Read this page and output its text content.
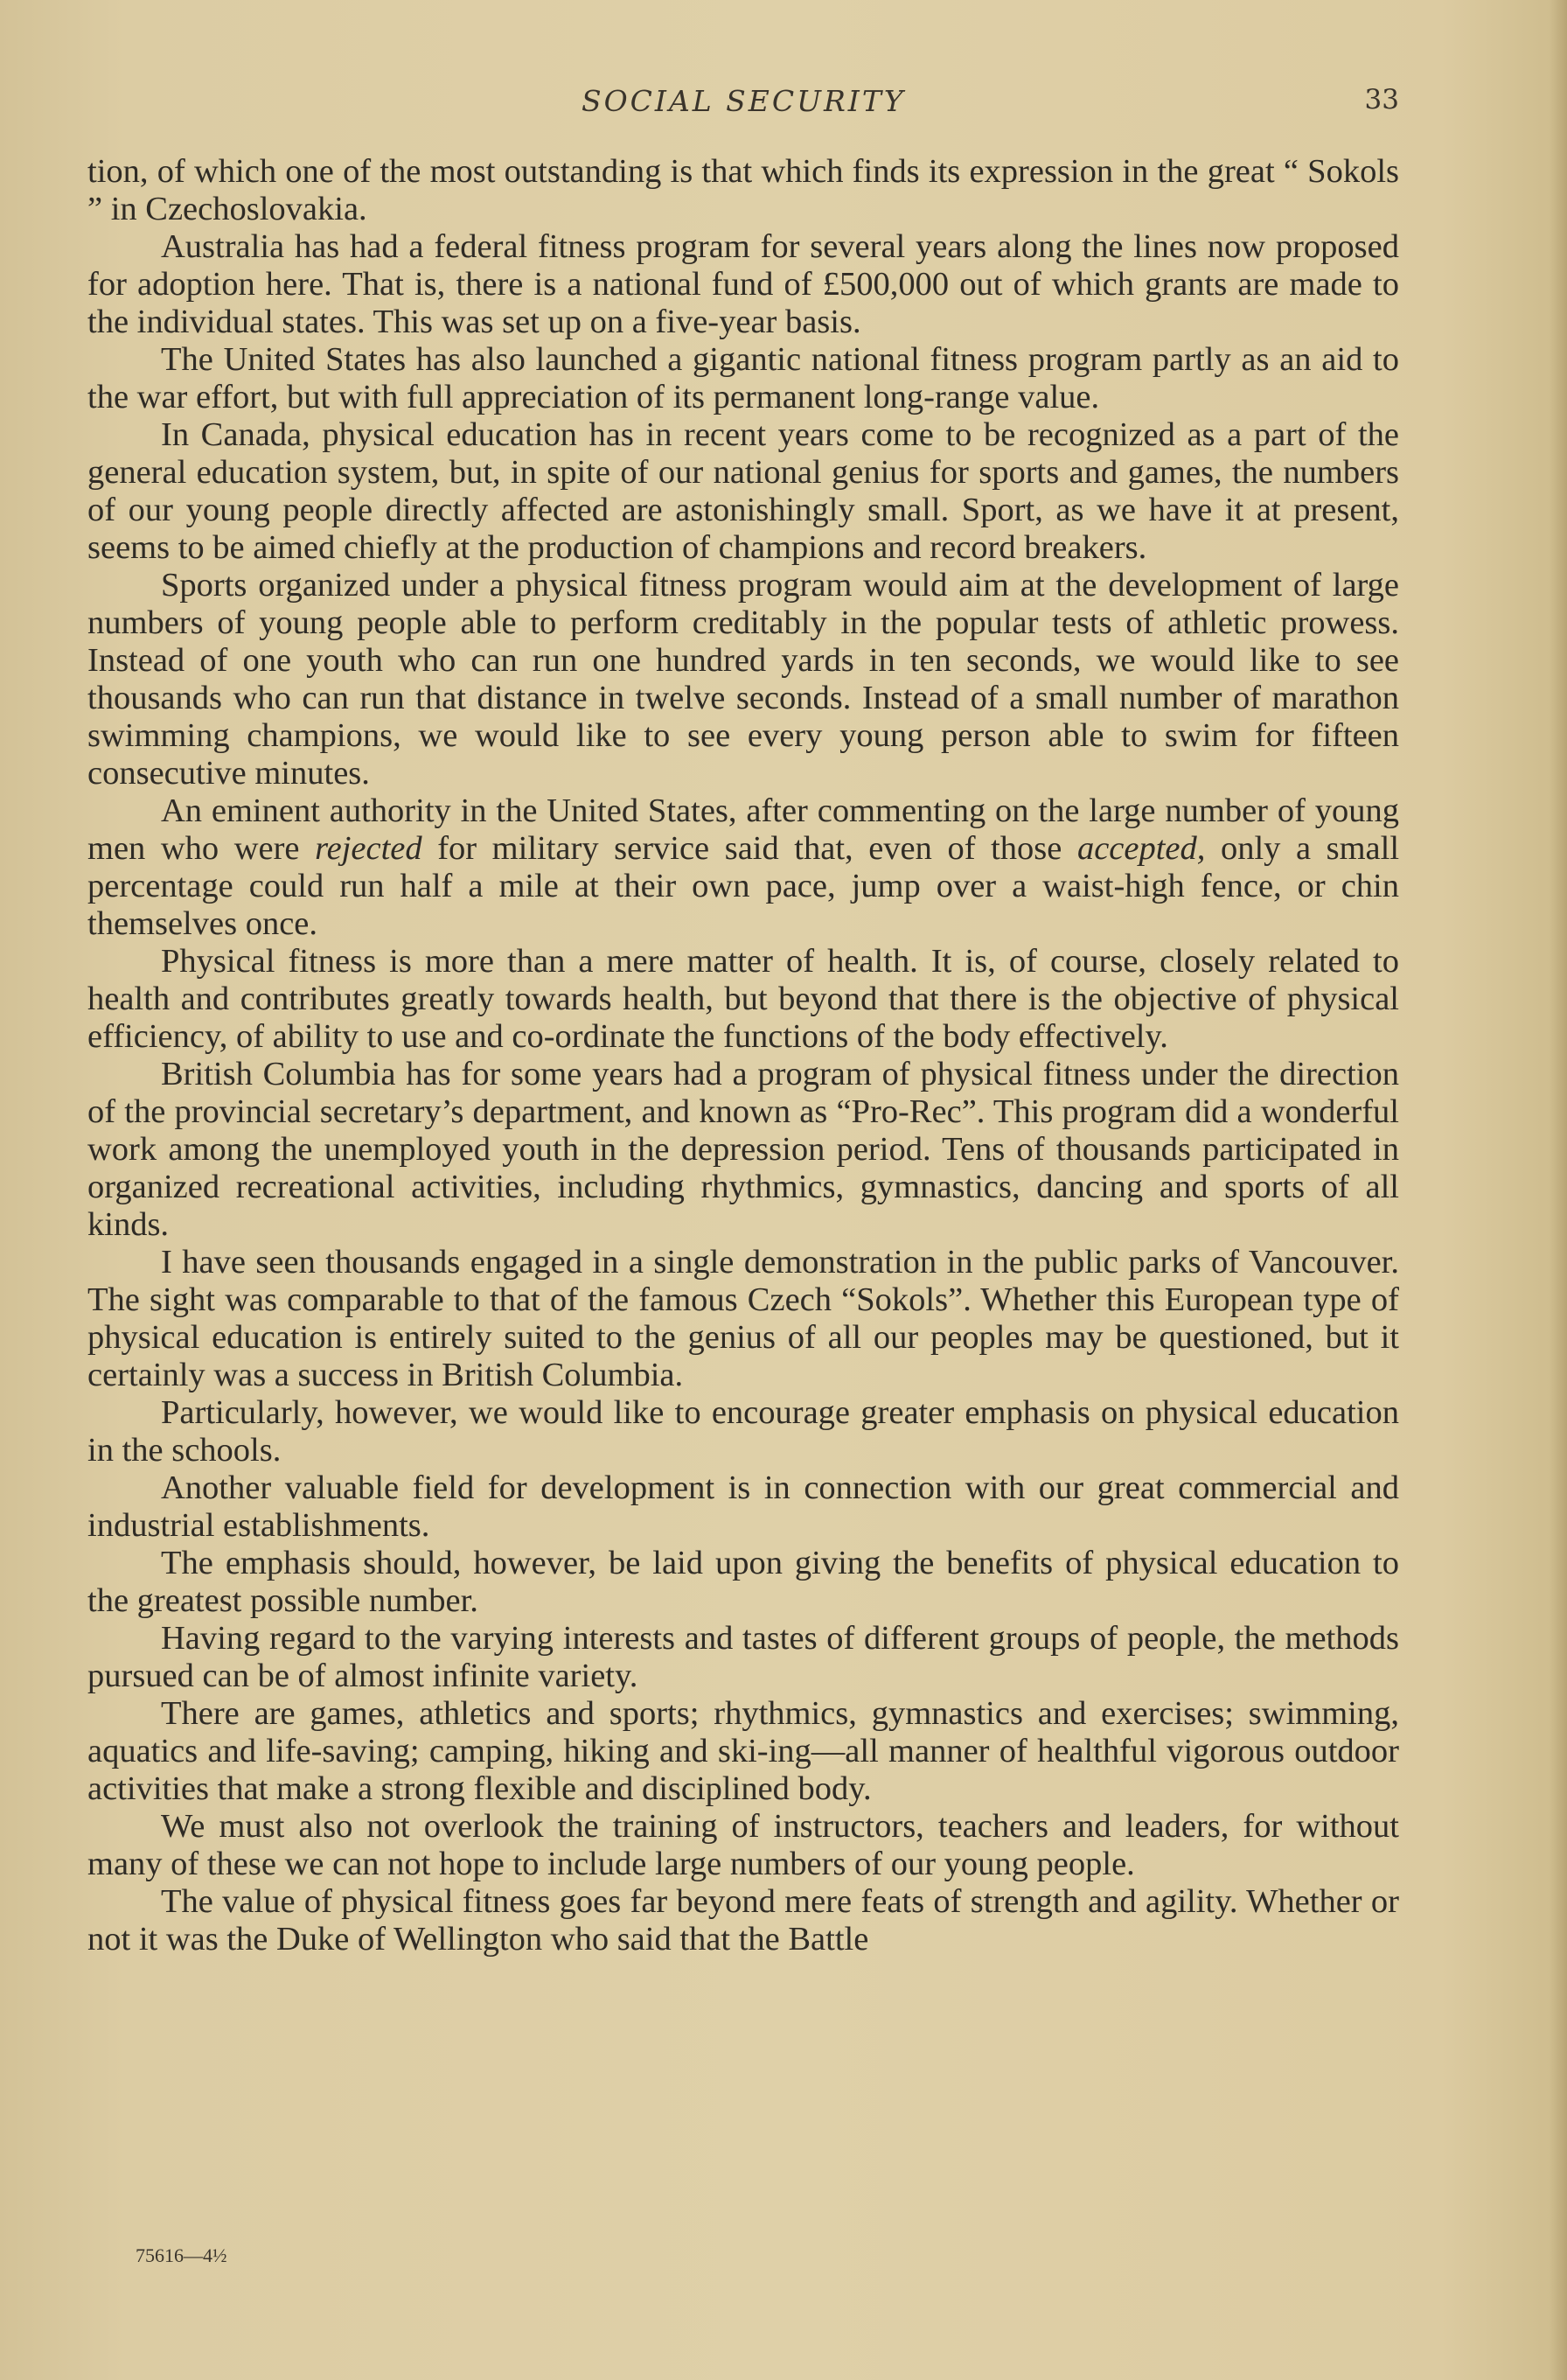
SOCIAL SECURITY	33

tion, of which one of the most outstanding is that which finds its expression in the great “ Sokols ” in Czechoslovakia.

Australia has had a federal fitness program for several years along the lines now proposed for adoption here. That is, there is a national fund of £500,000 out of which grants are made to the individual states. This was set up on a five-year basis.

The United States has also launched a gigantic national fitness program partly as an aid to the war effort, but with full appreciation of its permanent long-range value.

In Canada, physical education has in recent years come to be recognized as a part of the general education system, but, in spite of our national genius for sports and games, the numbers of our young people directly affected are astonishingly small. Sport, as we have it at present, seems to be aimed chiefly at the production of champions and record breakers.

Sports organized under a physical fitness program would aim at the development of large numbers of young people able to perform creditably in the popular tests of athletic prowess. Instead of one youth who can run one hundred yards in ten seconds, we would like to see thousands who can run that distance in twelve seconds. Instead of a small number of marathon swimming champions, we would like to see every young person able to swim for fifteen consecutive minutes.

An eminent authority in the United States, after commenting on the large number of young men who were rejected for military service said that, even of those accepted, only a small percentage could run half a mile at their own pace, jump over a waist-high fence, or chin themselves once.

Physical fitness is more than a mere matter of health. It is, of course, closely related to health and contributes greatly towards health, but beyond that there is the objective of physical efficiency, of ability to use and co-ordinate the functions of the body effectively.

British Columbia has for some years had a program of physical fitness under the direction of the provincial secretary’s department, and known as “Pro-Rec”. This program did a wonderful work among the unemployed youth in the depression period. Tens of thousands participated in organized recreational activities, including rhythmics, gymnastics, dancing and sports of all kinds.

I have seen thousands engaged in a single demonstration in the public parks of Vancouver. The sight was comparable to that of the famous Czech “Sokols”. Whether this European type of physical education is entirely suited to the genius of all our peoples may be questioned, but it certainly was a success in British Columbia.

Particularly, however, we would like to encourage greater emphasis on physical education in the schools.

Another valuable field for development is in connection with our great commercial and industrial establishments.

The emphasis should, however, be laid upon giving the benefits of physical education to the greatest possible number.

Having regard to the varying interests and tastes of different groups of people, the methods pursued can be of almost infinite variety.

There are games, athletics and sports; rhythmics, gymnastics and exercises; swimming, aquatics and life-saving; camping, hiking and ski-ing—all manner of healthful vigorous outdoor activities that make a strong flexible and disciplined body.

We must also not overlook the training of instructors, teachers and leaders, for without many of these we can not hope to include large numbers of our young people.

The value of physical fitness goes far beyond mere feats of strength and agility. Whether or not it was the Duke of Wellington who said that the Battle

75616—4½
